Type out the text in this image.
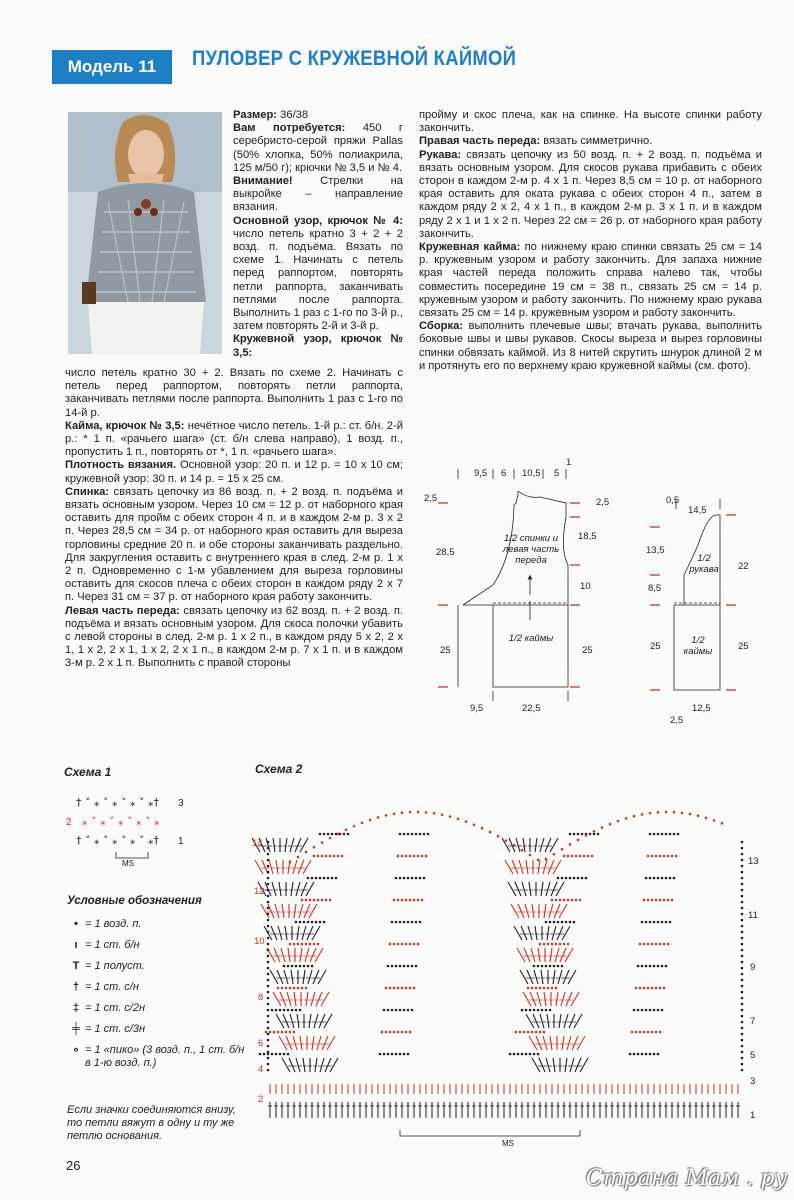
Модель 11	ПУЛОВЕР С КРУЖЕВНОЙ КАЙМОЙ

Размер: 36/38

Вам потребуется: 450 г серебристо-серой пряжи Pallas (50% хлопка, 50% полиакрила, 125 м/50 г); крючки № 3,5 и № 4.

Внимание! Стрелки на выкройке – направление вязания.

Основной узор, крючок № 4: число петель кратно 3 + 2 + 2 возд. п. подъёма. Вязать по схеме 1. Начинать с петель перед раппортом, повторять петли раппорта, заканчивать петлями после раппорта. Выполнить 1 раз с 1-го по 3-й р., затем повторять 2-й и 3-й р.

Кружевной узор, крючок № 3,5:

число петель кратно 30 + 2. Вязать по схеме 2. Начинать с петель перед раппортом, повторять петли раппорта, заканчивать петлями после раппорта. Выполнить 1 раз с 1-го по 14-й р.

Кайма, крючок № 3,5: нечётное число петель. 1-й р.: ст. б/н. 2-й р.: * 1 п. «рачьего шага» (ст. б/н слева направо), 1 возд. п., пропустить 1 п., повторять от *, 1 п. «рачьего шага».

Плотность вязания. Основной узор: 20 п. и 12 р. = 10 x 10 см; кружевной узор: 30 п. и 14 р. = 15 x 25 см.

Спинка: связать цепочку из 86 возд. п. + 2 возд. п. подъёма и вязать основным узором. Через 10 см = 12 р. от наборного края оставить для пройм с обеих сторон 4 п. и в каждом 2-м р. 3 x 2 п. Через 28,5 см = 34 р. от наборного края оставить для выреза горловины средние 20 п. и обе стороны заканчивать раздельно. Для закругления оставить с внутреннего края в след. 2-м р. 1 x 2 п. Одновременно с 1-м убавлением для выреза горловины оставить для скосов плеча с обеих сторон в каждом ряду 2 x 7 п. Через 31 см = 37 р. от наборного края работу закончить.

Левая часть переда: связать цепочку из 62 возд. п. + 2 возд. п. подъёма и вязать основным узором. Для скоса полочки убавить с левой стороны в след. 2-м р. 1 x 2 п., в каждом ряду 5 x 2, 2 x 1, 1 x 2, 2 x 1, 1 x 2, 2 x 1 п., в каждом 2-м р. 7 x 1 п. и в каждом 3-м р. 2 x 1 п. Выполнить с правой стороны

пройму и скос плеча, как на спинке. На высоте спинки работу закончить.

Правая часть переда: вязать симметрично.

Рукава: связать цепочку из 50 возд. п. + 2 возд. п. подъёма и вязать основным узором. Для скосов рукава прибавить с обеих сторон в каждом 2-м р. 4 x 1 п. Через 8,5 см = 10 р. от наборного края оставить для оката рукава с обеих сторон 4 п., затем в каждом ряду 2 x 2, 4 x 1 п., в каждом 2-м р. 3 x 1 п. и в каждом ряду 2 x 1 и 1 x 2 п. Через 22 см = 26 р. от наборного края работу закончить.

Кружевная кайма: по нижнему краю спинки связать 25 см = 14 р. кружевным узором и работу закончить. Для запаха нижние края частей переда положить справа налево так, чтобы совместить посередине 19 см = 38 п., связать 25 см = 14 р. кружевным узором и работу закончить. По нижнему краю рукава связать 25 см = 14 р. кружевным узором и работу закончить.

Сборка: выполнить плечевые швы; втачать рукава, выполнить боковые швы и швы рукавов. Скосы выреза и вырез горловины спинки обвязать каймой. Из 8 нитей скрутить шнурок длиной 2 м и протянуть его по верхнему краю кружевной каймы (см. фото).

9,5 6 10,5 5
1
2,5	2,5
28,5
18,5
10
1/2 спинки и левая часть переда
1/2 каймы
25	25
9,5	22,5
0,5
14,5
13,5
8,5
22
1/2 рукава
1/2 каймы
25	25
2,5
12,5
Схема 1
† ˅ ⁎ ˅ ⁎ ˅ ⁎ ˅ ⁎†
† ˅ ⁎ ˅ ⁎ ˅ ⁎ ˅ ⁎†
⁎ ˅ ⁎ ˅ ⁎ ˅ ⁎ ˅ ⁎
3
1
2
MS
Условные обозначения
• = 1 возд. п.
ı = 1 ст. б/н
T = 1 полуст.
† = 1 ст. с/н
‡ = 1 ст. с/2н
╪ = 1 ст. с/3н
∘ = 1 «пико» (3 возд. п., 1 ст. б/н в 1-ю возд. п.)
Если значки соединяются внизу, то петли вяжут в одну и ту же петлю основания.
Схема 2
14
12
10
8
6
4
2
13
11
9
7
5
3
1
MS
26
Страна Мам . ру
